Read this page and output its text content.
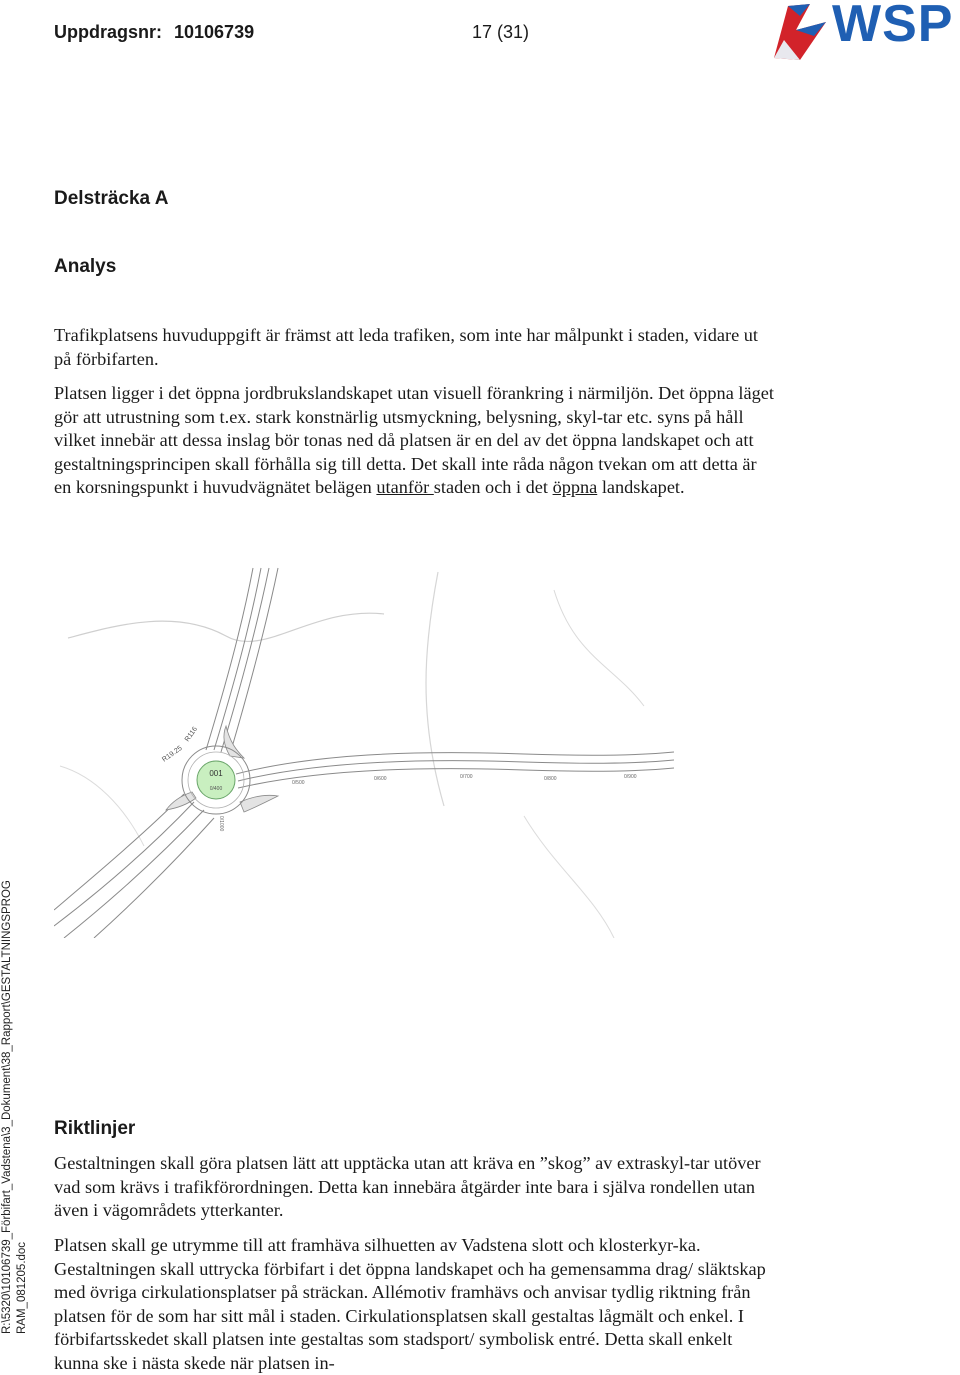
Uppdragsnr: 10106739	17 (31)	WSP
Delsträcka A
Analys

Trafikplatsens huvuduppgift är främst att leda trafiken, som inte har målpunkt i staden, vidare ut på förbifarten.

Platsen ligger i det öppna jordbrukslandskapet utan visuell förankring i närmiljön. Det öppna läget gör att utrustning som t.ex. stark konstnärlig utsmyckning, belysning, skyl-tar etc. syns på håll vilket innebär att dessa inslag bör tonas ned då platsen är en del av det öppna landskapet och att gestaltningsprincipen skall förhålla sig till detta. Det skall inte råda någon tvekan om att detta är en korsningspunkt i huvudvägnätet belägen utanför staden och i det öppna landskapet.

001
0/400
R116
R19.25
0/500
0/600	0/700	0/800	0/900
0/1000
Riktlinjer

Gestaltningen skall göra platsen lätt att upptäcka utan att kräva en ”skog” av extraskyl-tar utöver vad som krävs i trafikförordningen. Detta kan innebära åtgärder inte bara i själva rondellen utan även i vägområdets ytterkanter.

Platsen skall ge utrymme till att framhäva silhuetten av Vadstena slott och klosterkyr-ka. Gestaltningen skall uttrycka förbifart i det öppna landskapet och ha gemensamma drag/ släktskap med övriga cirkulationsplatser på sträckan. Allémotiv framhävs och anvisar tydlig riktning från platsen för de som har sitt mål i staden. Cirkulationsplatsen skall gestaltas lågmält och enkel. I förbifartsskedet skall platsen inte gestaltas som stadsport/ symbolisk entré. Detta skall enkelt kunna ske i nästa skede när platsen in-

R:\5320\10106739_Förbifart_Vadstena\3_Dokument\38_Rapport\GESTALTNINGSPROG RAM_081205.doc
